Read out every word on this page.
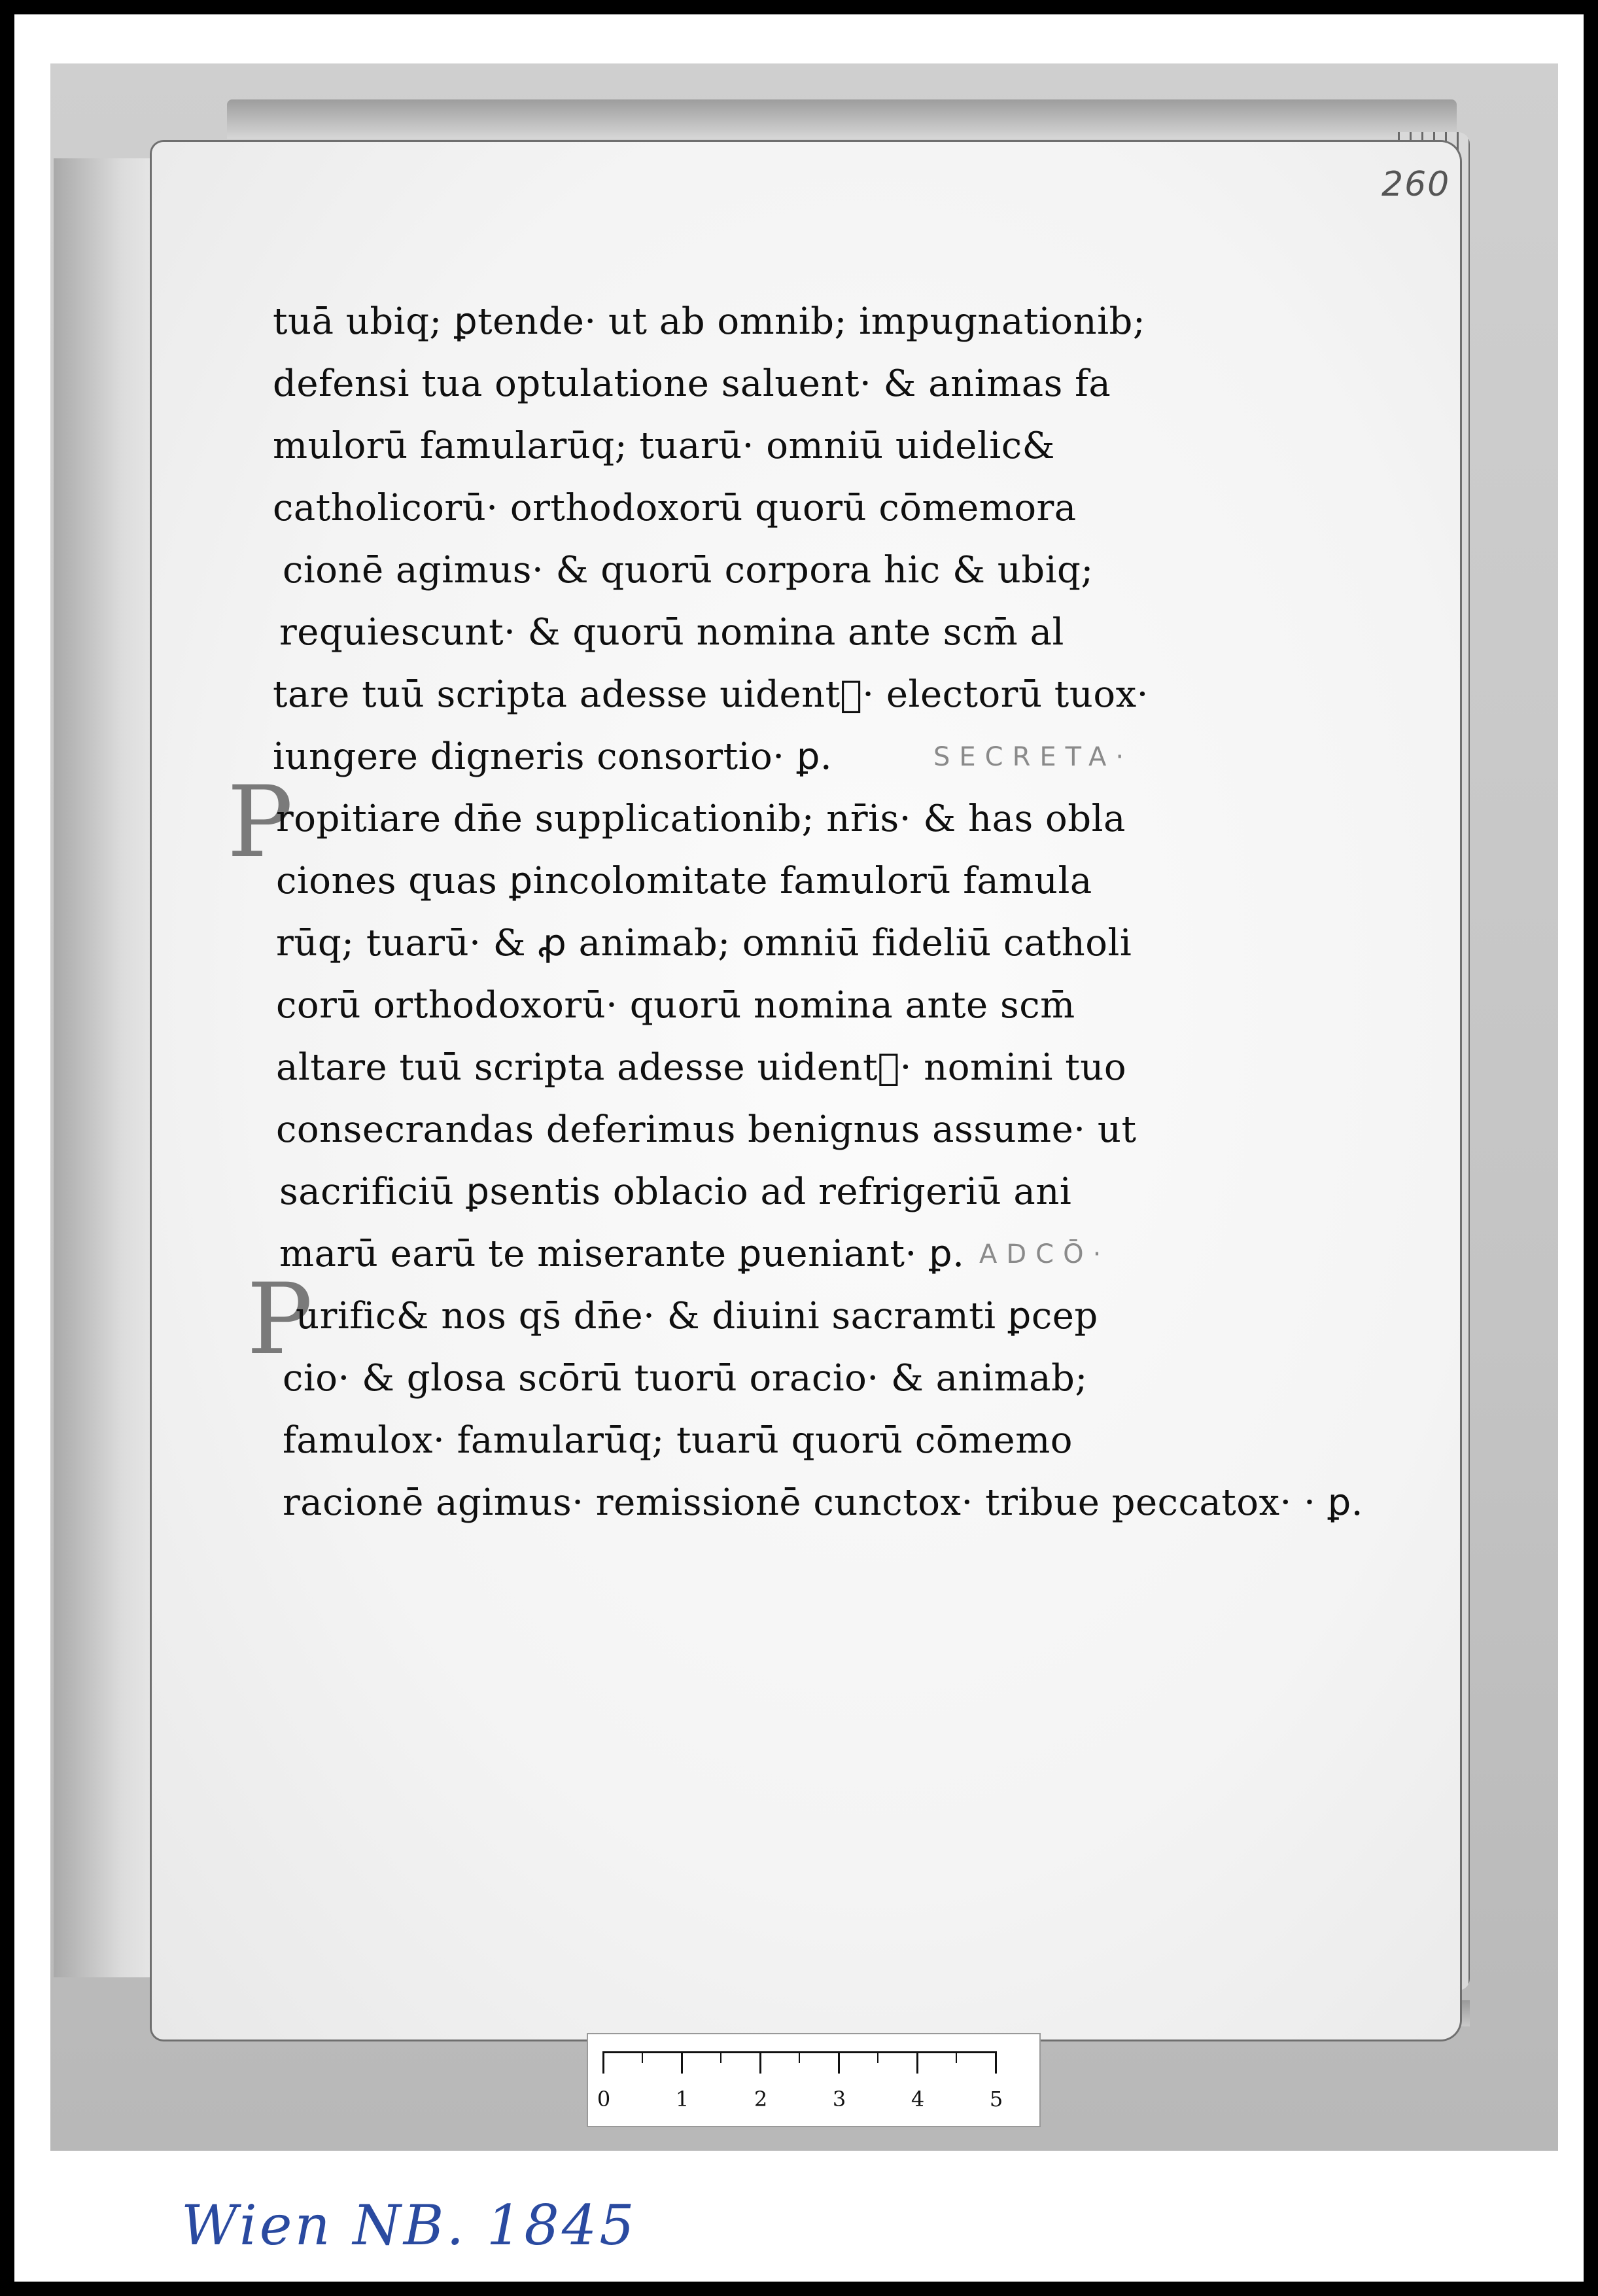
260
tuā ubiq; ꝑtende· ut ab omnib; impugnationib;
defensi tua optulatione saluent· & animas fa
mulorū famularūq; tuarū· omniū uidelic&
catholicorū· orthodoxorū quorū cōmemora
cionē agimus· & quorū corpora hic & ubiq;
requiescunt· & quorū nomina ante scm̄ al
tare tuū scripta adesse uidentᷣ· electorū tuox·
iungere digneris consortio· ꝑ.	SECRETA·
P
ropitiare dn̄e supplicationib; nr̄is· & has obla
ciones quas ꝑincolomitate famulorū famula
rūq; tuarū· & ꝓ animab; omniū fideliū catholi
corū orthodoxorū· quorū nomina ante scm̄
altare tuū scripta adesse uidentᷣ· nomini tuo
consecrandas deferimus benignus assume· ut
sacrificiū ꝑsentis oblacio ad refrigeriū ani
marū earū te miserante ꝑueniant· ꝑ. ADCŌ·
P
urific& nos qs̄ dn̄e· & diuini sacramti ꝑcep
cio· & glosa scōrū tuorū oracio· & animab;
famulox· famularūq; tuarū quorū cōmemo
racionē agimus· remissionē cunctox· tribue peccatox· · ꝑ.
0	1	2	3	4	5
Wien NB. 1845
